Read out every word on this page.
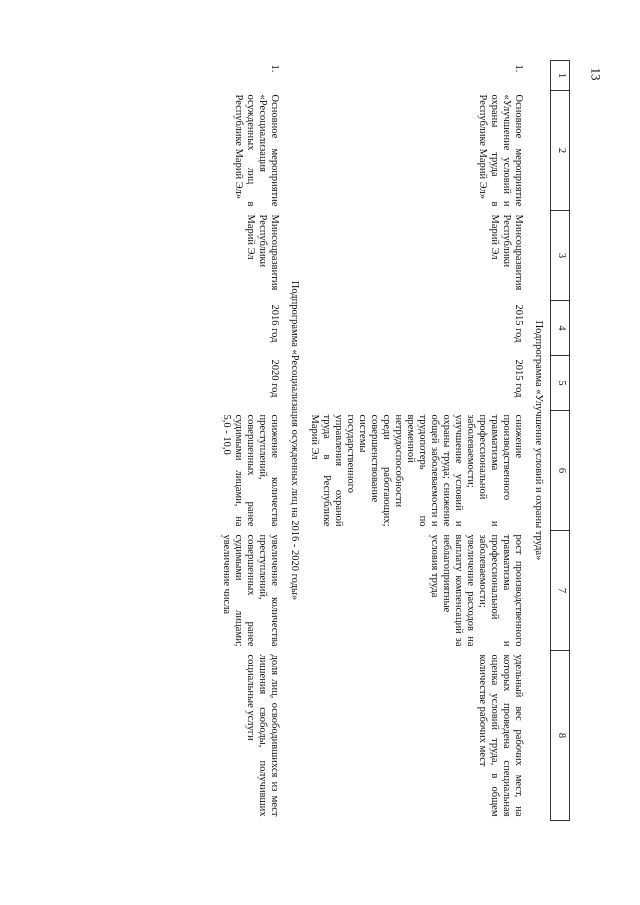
13
1	2	3	4	5	6	7	8
Подпрограмма «Улучшение условий и охраны труда»							
1.	Основное мероприятие «Улучшение условий и охраны труда в Республике Марий Эл»	Минсоцразвития Республики Марий Эл	2015 год	2015 год	снижение производственного травматизма и профессиональной заболеваемости; улучшение условий и охраны труда; снижение общей заболеваемости и трудопотерь по временной нетрудоспособности среди работающих; совершенствование системы государственного управления охраной труда в Республике Марий Эл	рост производственного травматизма и профессиональной заболеваемости; увеличение расходов на выплату компенсаций за неблагоприятные условия труда	удельный вес рабочих мест, на которых проведена специальная оценка условий труда, в общем количестве рабочих мест
Подпрограмма «Ресоциализация осужденных лиц на 2016 - 2020 годы»							
1.	Основное мероприятие «Ресоциализация осужденных лиц в Республике Марий Эл»	Минсоцразвития Республики Марий Эл	2016 год	2020 год	снижение количества преступлений, совершенных ранее судимыми лицами, на 5,0 - 10,0	увеличение количества преступлений, совершенных ранее судимыми лицами; увеличение числа	доля лиц, освободившихся из мест лишения свободы, получивших социальные услуги
